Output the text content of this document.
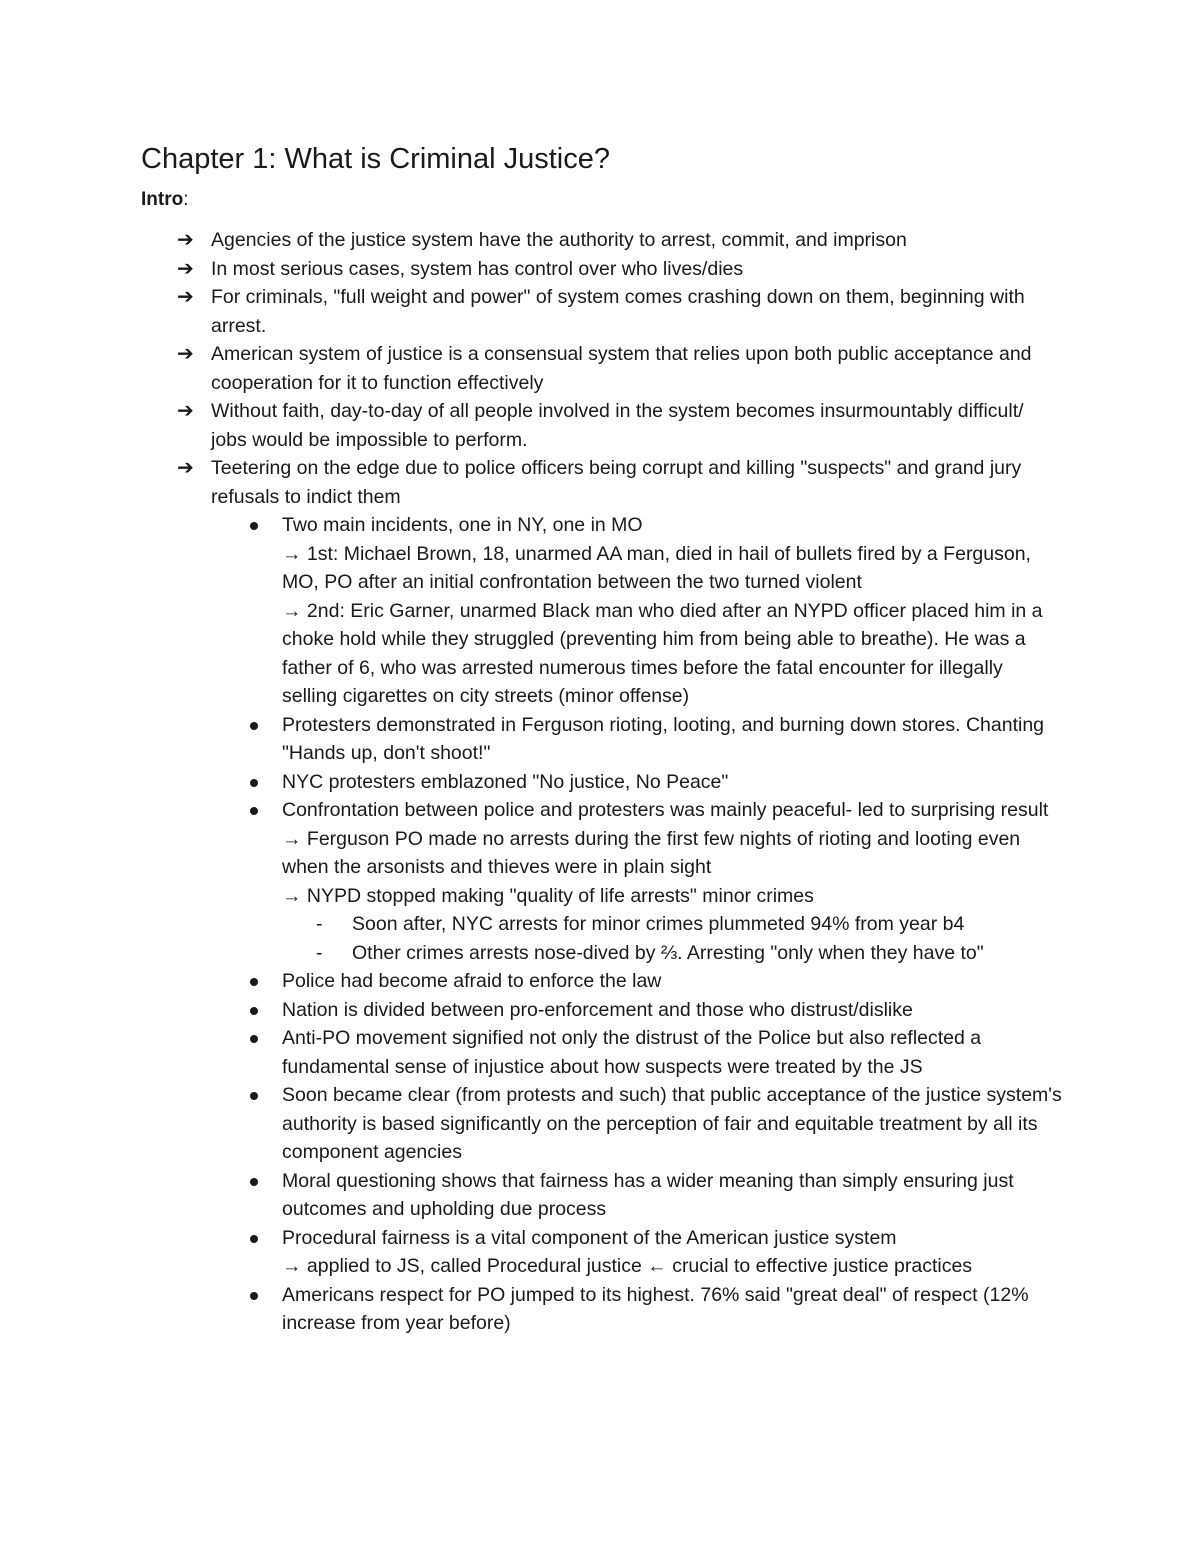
Chapter 1: What is Criminal Justice?
Intro:
➔ Agencies of the justice system have the authority to arrest, commit, and imprison
➔ In most serious cases, system has control over who lives/dies
➔ For criminals, "full weight and power" of system comes crashing down on them, beginning with arrest.
➔ American system of justice is a consensual system that relies upon both public acceptance and cooperation for it to function effectively
➔ Without faith, day-to-day of all people involved in the system becomes insurmountably difficult/ jobs would be impossible to perform.
➔ Teetering on the edge due to police officers being corrupt and killing "suspects" and grand jury refusals to indict them
Two main incidents, one in NY, one in MO
→ 1st: Michael Brown, 18, unarmed AA man, died in hail of bullets fired by a Ferguson, MO, PO after an initial confrontation between the two turned violent
→ 2nd: Eric Garner, unarmed Black man who died after an NYPD officer placed him in a choke hold while they struggled (preventing him from being able to breathe). He was a father of 6, who was arrested numerous times before the fatal encounter for illegally selling cigarettes on city streets (minor offense)
Protesters demonstrated in Ferguson rioting, looting, and burning down stores. Chanting "Hands up, don't shoot!"
NYC protesters emblazoned "No justice, No Peace"
Confrontation between police and protesters was mainly peaceful- led to surprising result
→ Ferguson PO made no arrests during the first few nights of rioting and looting even when the arsonists and thieves were in plain sight
→ NYPD stopped making "quality of life arrests" minor crimes
- Soon after, NYC arrests for minor crimes plummeted 94% from year b4
- Other crimes arrests nose-dived by ⅔. Arresting "only when they have to"
Police had become afraid to enforce the law
Nation is divided between pro-enforcement and those who distrust/dislike
Anti-PO movement signified not only the distrust of the Police but also reflected a fundamental sense of injustice about how suspects were treated by the JS
Soon became clear (from protests and such) that public acceptance of the justice system's authority is based significantly on the perception of fair and equitable treatment by all its component agencies
Moral questioning shows that fairness has a wider meaning than simply ensuring just outcomes and upholding due process
Procedural fairness is a vital component of the American justice system
→ applied to JS, called Procedural justice ← crucial to effective justice practices
Americans respect for PO jumped to its highest. 76% said "great deal" of respect (12% increase from year before)
